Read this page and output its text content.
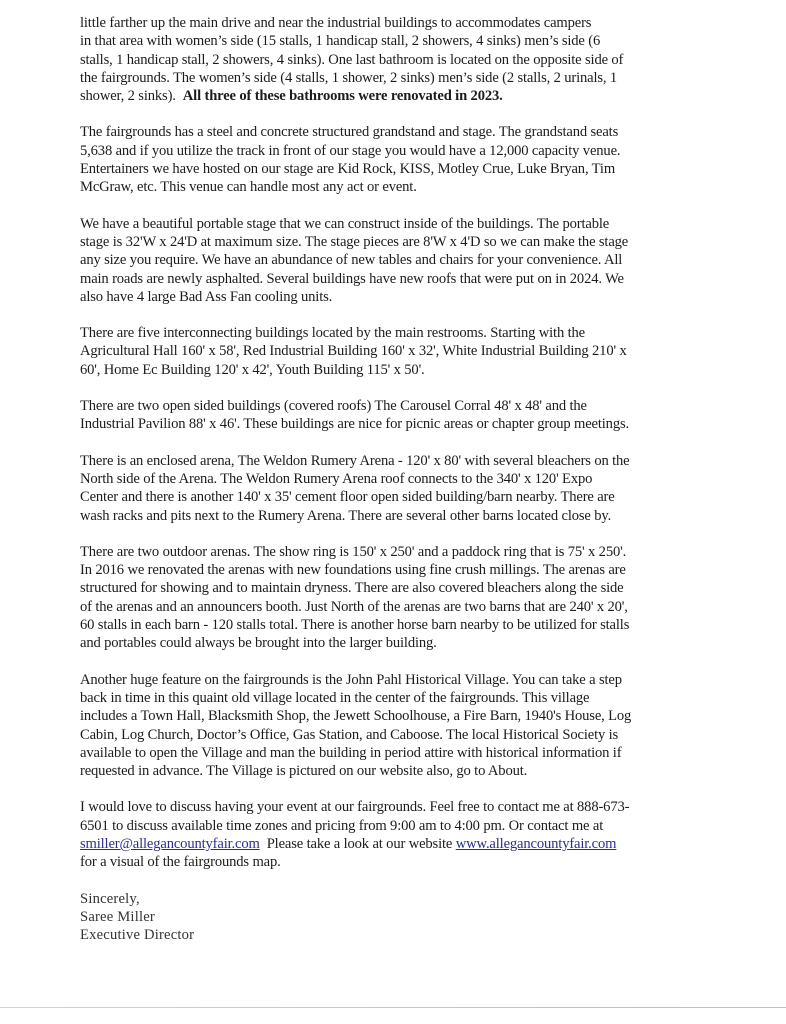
little farther up the main drive and near the industrial buildings to accommodates campers
in that area with women’s side (15 stalls, 1 handicap stall, 2 showers, 4 sinks) men’s side (6
stalls, 1 handicap stall, 2 showers, 4 sinks). One last bathroom is located on the opposite side of
the fairgrounds. The women’s side (4 stalls, 1 shower, 2 sinks) men’s side (2 stalls, 2 urinals, 1
shower, 2 sinks).  All three of these bathrooms were renovated in 2023.

The fairgrounds has a steel and concrete structured grandstand and stage. The grandstand seats
5,638 and if you utilize the track in front of our stage you would have a 12,000 capacity venue.
Entertainers we have hosted on our stage are Kid Rock, KISS, Motley Crue, Luke Bryan, Tim
McGraw, etc. This venue can handle most any act or event.

We have a beautiful portable stage that we can construct inside of the buildings. The portable
stage is 32'W x 24'D at maximum size. The stage pieces are 8'W x 4'D so we can make the stage
any size you require. We have an abundance of new tables and chairs for your convenience. All
main roads are newly asphalted. Several buildings have new roofs that were put on in 2024. We
also have 4 large Bad Ass Fan cooling units.

There are five interconnecting buildings located by the main restrooms. Starting with the
Agricultural Hall 160' x 58', Red Industrial Building 160' x 32', White Industrial Building 210' x
60', Home Ec Building 120' x 42', Youth Building 115' x 50'.

There are two open sided buildings (covered roofs) The Carousel Corral 48' x 48' and the
Industrial Pavilion 88' x 46'. These buildings are nice for picnic areas or chapter group meetings.

There is an enclosed arena, The Weldon Rumery Arena - 120' x 80' with several bleachers on the
North side of the Arena. The Weldon Rumery Arena roof connects to the 340' x 120' Expo
Center and there is another 140' x 35' cement floor open sided building/barn nearby. There are
wash racks and pits next to the Rumery Arena. There are several other barns located close by.

There are two outdoor arenas. The show ring is 150' x 250' and a paddock ring that is 75' x 250'.
In 2016 we renovated the arenas with new foundations using fine crush millings. The arenas are
structured for showing and to maintain dryness. There are also covered bleachers along the side
of the arenas and an announcers booth. Just North of the arenas are two barns that are 240' x 20',
60 stalls in each barn - 120 stalls total. There is another horse barn nearby to be utilized for stalls
and portables could always be brought into the larger building.

Another huge feature on the fairgrounds is the John Pahl Historical Village. You can take a step
back in time in this quaint old village located in the center of the fairgrounds. This village
includes a Town Hall, Blacksmith Shop, the Jewett Schoolhouse, a Fire Barn, 1940's House, Log
Cabin, Log Church, Doctor’s Office, Gas Station, and Caboose. The local Historical Society is
available to open the Village and man the building in period attire with historical information if
requested in advance. The Village is pictured on our website also, go to About.

I would love to discuss having your event at our fairgrounds. Feel free to contact me at 888-673-
6501 to discuss available time zones and pricing from 9:00 am to 4:00 pm. Or contact me at
smiller@allegancountyfair.com  Please take a look at our website www.allegancountyfair.com
for a visual of the fairgrounds map.

Sincerely,
Saree Miller
Executive Director
